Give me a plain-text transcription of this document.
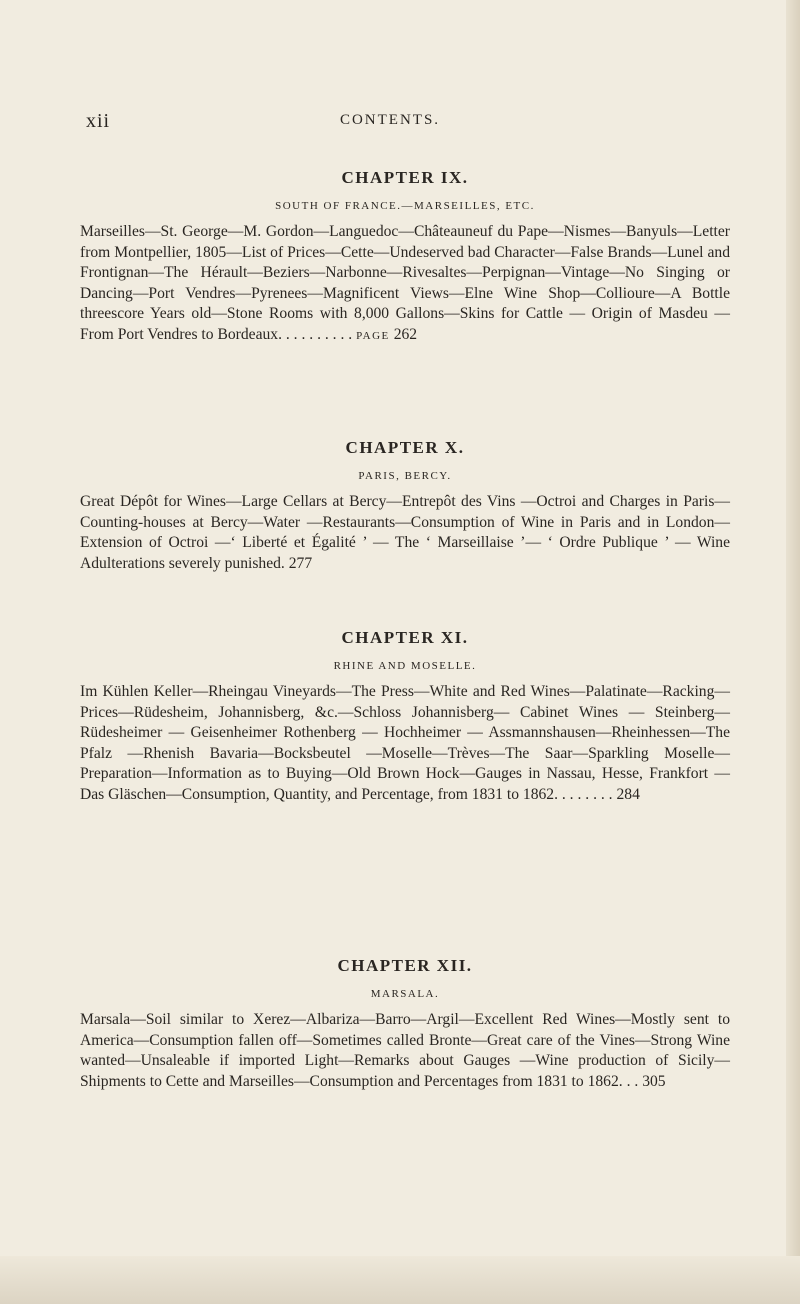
xii	CONTENTS.
CHAPTER IX.
SOUTH OF FRANCE.—MARSEILLES, ETC.

Marseilles—St. George—M. Gordon—Languedoc—Châteauneuf du Pape—Nismes—Banyuls—Letter from Montpellier, 1805—List of Prices—Cette—Undeserved bad Character—False Brands—Lunel and Frontignan—The Hérault—Beziers—Narbonne—Rivesaltes—Perpignan—Vintage—No Singing or Dancing—Port Vendres—Pyrenees—Magnificent Views—Elne Wine Shop—Collioure—A Bottle threescore Years old—Stone Rooms with 8,000 Gallons—Skins for Cattle — Origin of Masdeu — From Port Vendres to Bordeaux. . . . . . . . . . PAGE 262

CHAPTER X.
PARIS, BERCY.

Great Dépôt for Wines—Large Cellars at Bercy—Entrepôt des Vins —Octroi and Charges in Paris—Counting-houses at Bercy—Water —Restaurants—Consumption of Wine in Paris and in London—Extension of Octroi —‘ Liberté et Égalité ’ — The ‘ Marseillaise ’— ‘ Ordre Publique ’ — Wine Adulterations severely punished. 277

CHAPTER XI.
RHINE AND MOSELLE.

Im Kühlen Keller—Rheingau Vineyards—The Press—White and Red Wines—Palatinate—Racking—Prices—Rüdesheim, Johannisberg, &c.—Schloss Johannisberg— Cabinet Wines — Steinberg—Rüdesheimer — Geisenheimer Rothenberg — Hochheimer — Assmannshausen—Rheinhessen—The Pfalz —Rhenish Bavaria—Bocksbeutel —Moselle—Trèves—The Saar—Sparkling Moselle—Preparation—Information as to Buying—Old Brown Hock—Gauges in Nassau, Hesse, Frankfort — Das Gläschen—Consumption, Quantity, and Percentage, from 1831 to 1862. . . . . . . . 284

CHAPTER XII.
MARSALA.

Marsala—Soil similar to Xerez—Albariza—Barro—Argil—Excellent Red Wines—Mostly sent to America—Consumption fallen off—Sometimes called Bronte—Great care of the Vines—Strong Wine wanted—Unsaleable if imported Light—Remarks about Gauges —Wine production of Sicily—Shipments to Cette and Marseilles—Consumption and Percentages from 1831 to 1862. . . 305
